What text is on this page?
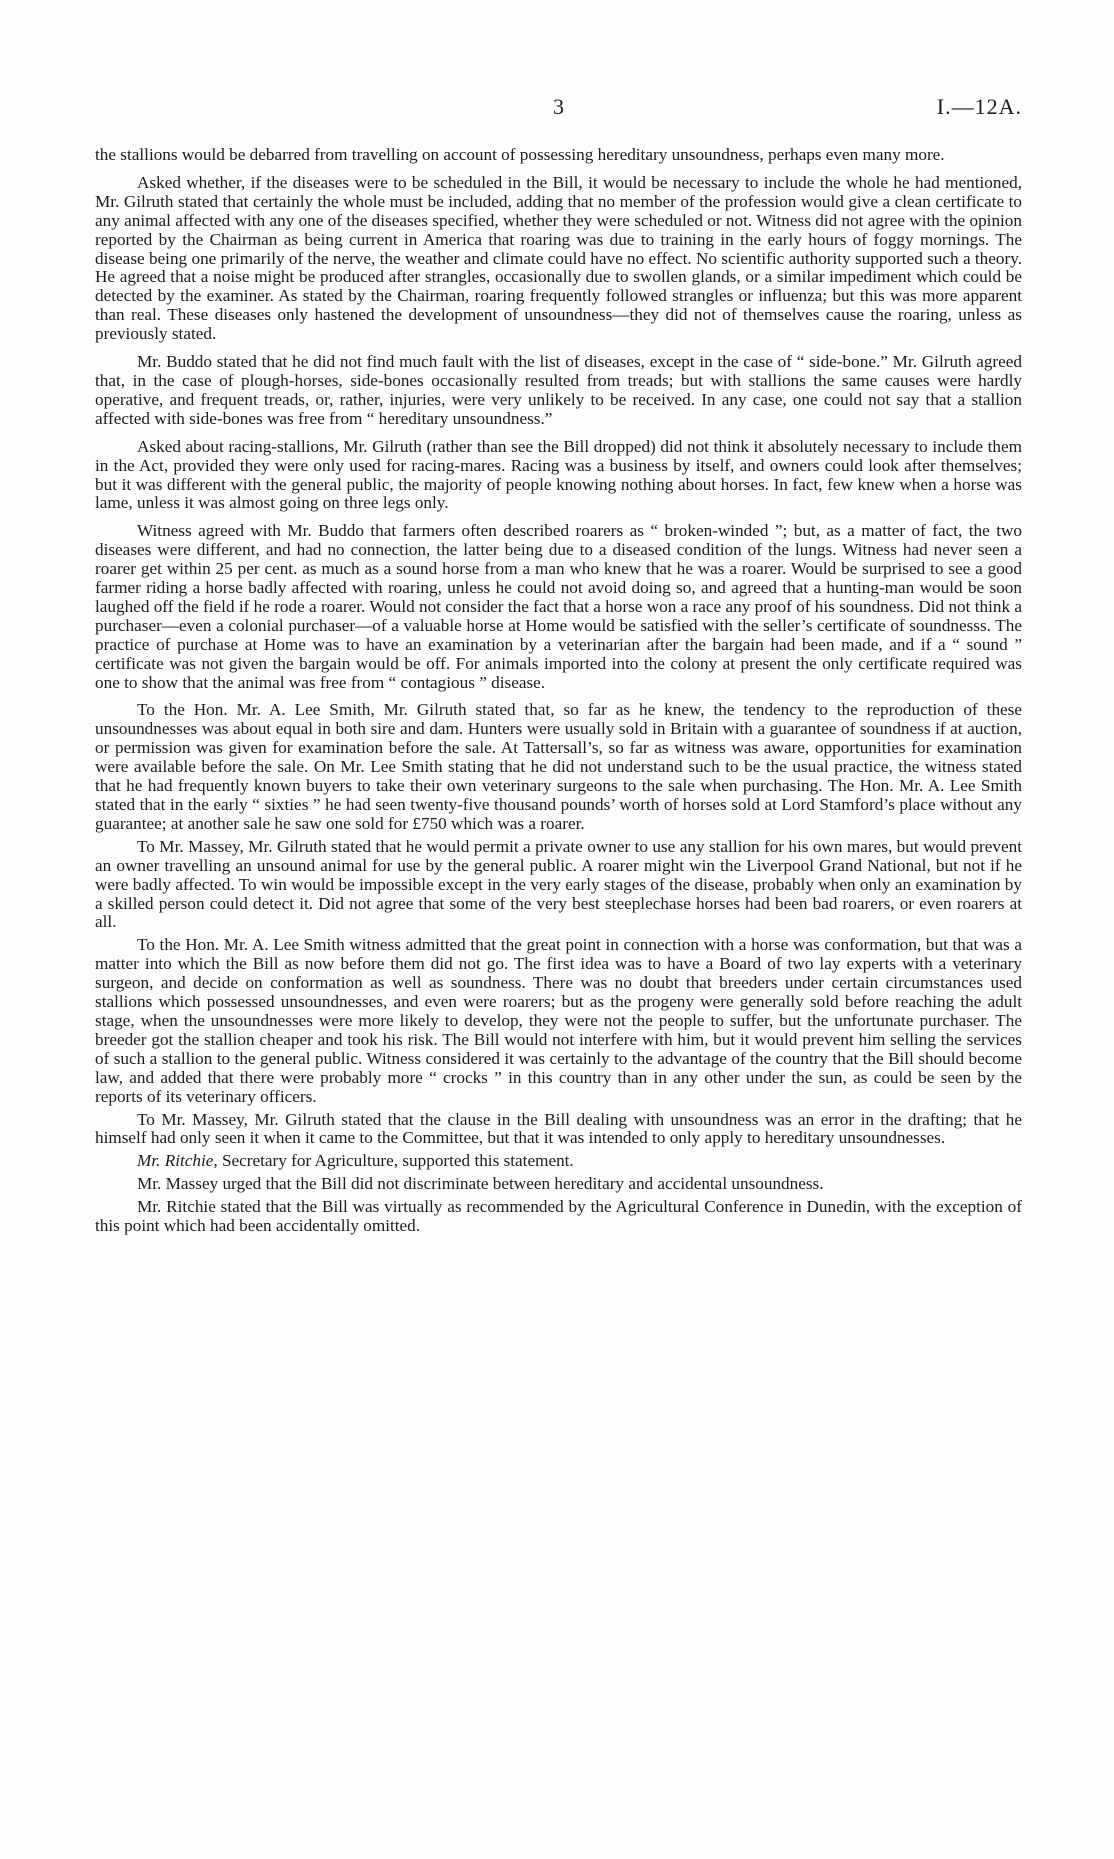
3	I.—12A.

the stallions would be debarred from travelling on account of possessing hereditary unsoundness, perhaps even many more.

Asked whether, if the diseases were to be scheduled in the Bill, it would be necessary to include the whole he had mentioned, Mr. Gilruth stated that certainly the whole must be included, adding that no member of the profession would give a clean certificate to any animal affected with any one of the diseases specified, whether they were scheduled or not. Witness did not agree with the opinion reported by the Chairman as being current in America that roaring was due to training in the early hours of foggy mornings. The disease being one primarily of the nerve, the weather and climate could have no effect. No scientific authority supported such a theory. He agreed that a noise might be produced after strangles, occasionally due to swollen glands, or a similar impediment which could be detected by the examiner. As stated by the Chairman, roaring frequently followed strangles or influenza; but this was more apparent than real. These diseases only hastened the development of unsoundness—they did not of themselves cause the roaring, unless as previously stated.

Mr. Buddo stated that he did not find much fault with the list of diseases, except in the case of “ side-bone.” Mr. Gilruth agreed that, in the case of plough-horses, side-bones occasionally resulted from treads; but with stallions the same causes were hardly operative, and frequent treads, or, rather, injuries, were very unlikely to be received. In any case, one could not say that a stallion affected with side-bones was free from “ hereditary unsoundness.”

Asked about racing-stallions, Mr. Gilruth (rather than see the Bill dropped) did not think it absolutely necessary to include them in the Act, provided they were only used for racing-mares. Racing was a business by itself, and owners could look after themselves; but it was different with the general public, the majority of people knowing nothing about horses. In fact, few knew when a horse was lame, unless it was almost going on three legs only.

Witness agreed with Mr. Buddo that farmers often described roarers as “ broken-winded ”; but, as a matter of fact, the two diseases were different, and had no connection, the latter being due to a diseased condition of the lungs. Witness had never seen a roarer get within 25 per cent. as much as a sound horse from a man who knew that he was a roarer. Would be surprised to see a good farmer riding a horse badly affected with roaring, unless he could not avoid doing so, and agreed that a hunting-man would be soon laughed off the field if he rode a roarer. Would not consider the fact that a horse won a race any proof of his soundness. Did not think a purchaser—even a colonial purchaser—of a valuable horse at Home would be satisfied with the seller’s certificate of soundnesss. The practice of purchase at Home was to have an examination by a veterinarian after the bargain had been made, and if a “ sound ” certificate was not given the bargain would be off. For animals imported into the colony at present the only certificate required was one to show that the animal was free from “ contagious ” disease.

To the Hon. Mr. A. Lee Smith, Mr. Gilruth stated that, so far as he knew, the tendency to the reproduction of these unsoundnesses was about equal in both sire and dam. Hunters were usually sold in Britain with a guarantee of soundness if at auction, or permission was given for examination before the sale. At Tattersall’s, so far as witness was aware, opportunities for examination were available before the sale. On Mr. Lee Smith stating that he did not understand such to be the usual practice, the witness stated that he had frequently known buyers to take their own veterinary surgeons to the sale when purchasing. The Hon. Mr. A. Lee Smith stated that in the early “ sixties ” he had seen twenty-five thousand pounds’ worth of horses sold at Lord Stamford’s place without any guarantee; at another sale he saw one sold for £750 which was a roarer.

To Mr. Massey, Mr. Gilruth stated that he would permit a private owner to use any stallion for his own mares, but would prevent an owner travelling an unsound animal for use by the general public. A roarer might win the Liverpool Grand National, but not if he were badly affected. To win would be impossible except in the very early stages of the disease, probably when only an examination by a skilled person could detect it. Did not agree that some of the very best steeplechase horses had been bad roarers, or even roarers at all.

To the Hon. Mr. A. Lee Smith witness admitted that the great point in connection with a horse was conformation, but that was a matter into which the Bill as now before them did not go. The first idea was to have a Board of two lay experts with a veterinary surgeon, and decide on conformation as well as soundness. There was no doubt that breeders under certain circumstances used stallions which possessed unsoundnesses, and even were roarers; but as the progeny were generally sold before reaching the adult stage, when the unsoundnesses were more likely to develop, they were not the people to suffer, but the unfortunate purchaser. The breeder got the stallion cheaper and took his risk. The Bill would not interfere with him, but it would prevent him selling the services of such a stallion to the general public. Witness considered it was certainly to the advantage of the country that the Bill should become law, and added that there were probably more “ crocks ” in this country than in any other under the sun, as could be seen by the reports of its veterinary officers.

To Mr. Massey, Mr. Gilruth stated that the clause in the Bill dealing with unsoundness was an error in the drafting; that he himself had only seen it when it came to the Committee, but that it was intended to only apply to hereditary unsoundnesses.

Mr. Ritchie, Secretary for Agriculture, supported this statement.

Mr. Massey urged that the Bill did not discriminate between hereditary and accidental unsoundness.

Mr. Ritchie stated that the Bill was virtually as recommended by the Agricultural Conference in Dunedin, with the exception of this point which had been accidentally omitted.
